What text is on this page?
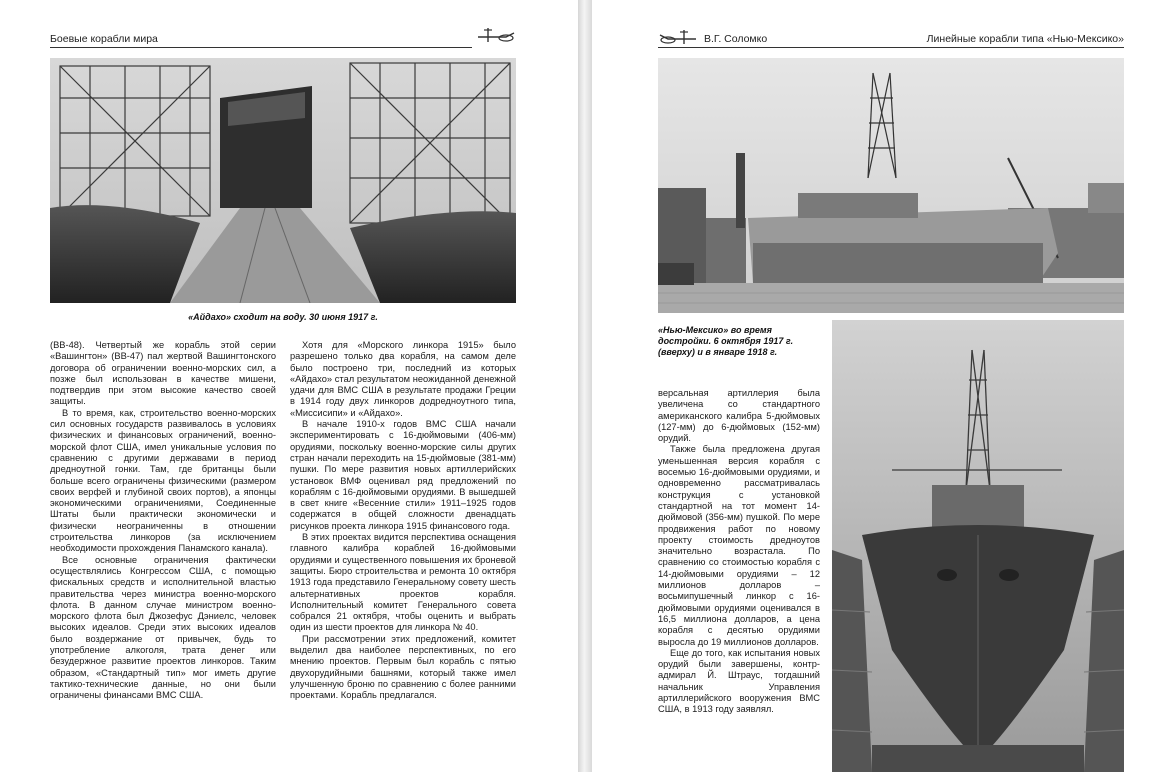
Боевые корабли мира
«Айдахо» сходит на воду. 30 июня 1917 г.

(BB-48). Четвертый же корабль этой серии «Вашингтон» (BB-47) пал жертвой Вашингтонского договора об ограничении военно-морских сил, а позже был использован в качестве мишени, подтвердив при этом высокие качество своей защиты.

В то время, как, строительство военно-морских сил основных государств развивалось в условиях физических и финансовых ограничений, военно-морской флот США, имел уникальные условия по сравнению с другими державами в период дредноутной гонки. Там, где британцы были больше всего ограничены физическими (размером своих верфей и глубиной своих портов), а японцы экономическими ограничениями, Соединенные Штаты были практически экономически и физически неограниченны в отношении строительства линкоров (за исключением необходимости прохождения Панамского канала).

Все основные ограничения фактически осуществлялись Конгрессом США, с помощью фискальных средств и исполнительной властью правительства через министра военно-морского флота. В данном случае министром военно-морского флота был Джозефус Дэниелс, человек высоких идеалов. Среди этих высоких идеалов было воздержание от привычек, будь то употребление алкоголя, трата денег или безудержное развитие проектов линкоров. Таким образом, «Стандартный тип» мог иметь другие тактико-технические данные, но они были ограничены финансами ВМС США.

Хотя для «Морского линкора 1915» было разрешено только два корабля, на самом деле было построено три, последний из которых «Айдахо» стал результатом неожиданной денежной удачи для ВМС США в результате продажи Греции в 1914 году двух линкоров додредноутного типа, «Миссисипи» и «Айдахо».

В начале 1910-х годов ВМС США начали экспериментировать с 16-дюймовыми (406-мм) орудиями, поскольку военно-морские силы других стран начали переходить на 15-дюймовые (381-мм) пушки. По мере развития новых артиллерийских установок ВМФ оценивал ряд предложений по кораблям с 16-дюймовыми орудиями. В вышедшей в свет книге «Весенние стили» 1911–1925 годов содержатся в общей сложности двенадцать рисунков проекта линкора 1915 финансового года.

В этих проектах видится перспектива оснащения главного калибра кораблей 16-дюймовыми орудиями и существенного повышения их броневой защиты. Бюро строительства и ремонта 10 октября 1913 года представило Генеральному совету шесть альтернативных проектов корабля. Исполнительный комитет Генерального совета собрался 21 октября, чтобы оценить и выбрать один из шести проектов для линкора № 40.

При рассмотрении этих предложений, комитет выделил два наиболее перспективных, по его мнению проектов. Первым был корабль с пятью двухорудийными башнями, который также имел улучшенную броню по сравнению с более ранними проектами. Корабль предлагался.

В.Г. Соломко	Линейные корабли типа «Нью-Мексико»
«Нью-Мексико» во время достройки. 6 октября 1917 г. (вверху) и в январе 1918 г.

версальная артиллерия была увеличена со стандартного американского калибра 5-дюймовых (127-мм) до 6-дюймовых (152-мм) орудий.

Также была предложена другая уменьшенная версия корабля с восемью 16-дюймовыми орудиями, и одновременно рассматривалась конструкция с установкой стандартной на тот момент 14-дюймовой (356-мм) пушкой. По мере продвижения работ по новому проекту стоимость дредноутов значительно возрастала. По сравнению со стоимостью корабля с 14-дюймовыми орудиями – 12 миллионов долларов – восьмипушечный линкор с 16-дюймовыми орудиями оценивался в 16,5 миллиона долларов, а цена корабля с десятью орудиями выросла до 19 миллионов долларов.

Еще до того, как испытания новых орудий были завершены, контр-адмирал Й. Штраус, тогдашний начальник Управления артиллерийского вооружения ВМС США, в 1913 году заявлял.
